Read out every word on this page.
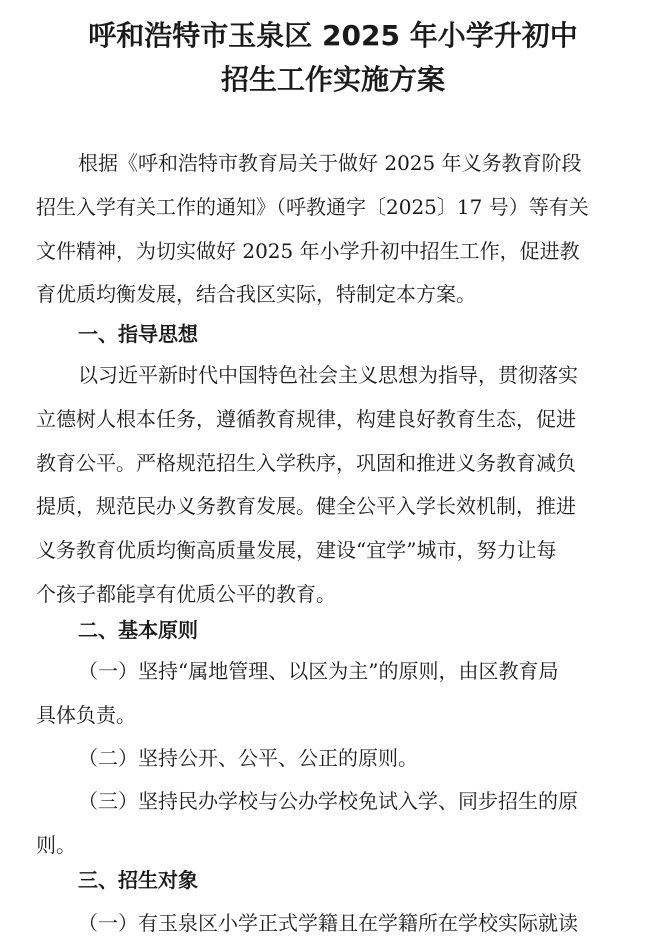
呼和浩特市玉泉区 2025 年小学升初中
招生工作实施方案
根据《呼和浩特市教育局关于做好 2025 年义务教育阶段
招生入学有关工作的通知》（呼教通字〔2025〕17 号）等有关
文件精神，为切实做好 2025 年小学升初中招生工作，促进教
育优质均衡发展，结合我区实际，特制定本方案。
一、指导思想
以习近平新时代中国特色社会主义思想为指导，贯彻落实
立德树人根本任务，遵循教育规律，构建良好教育生态，促进
教育公平。严格规范招生入学秩序，巩固和推进义务教育减负
提质，规范民办义务教育发展。健全公平入学长效机制，推进
义务教育优质均衡高质量发展，建设“宜学”城市，努力让每
个孩子都能享有优质公平的教育。
二、基本原则
（一）坚持“属地管理、以区为主”的原则，由区教育局
具体负责。
（二）坚持公开、公平、公正的原则。
（三）坚持民办学校与公办学校免试入学、同步招生的原
则。
三、招生对象
（一）有玉泉区小学正式学籍且在学籍所在学校实际就读
